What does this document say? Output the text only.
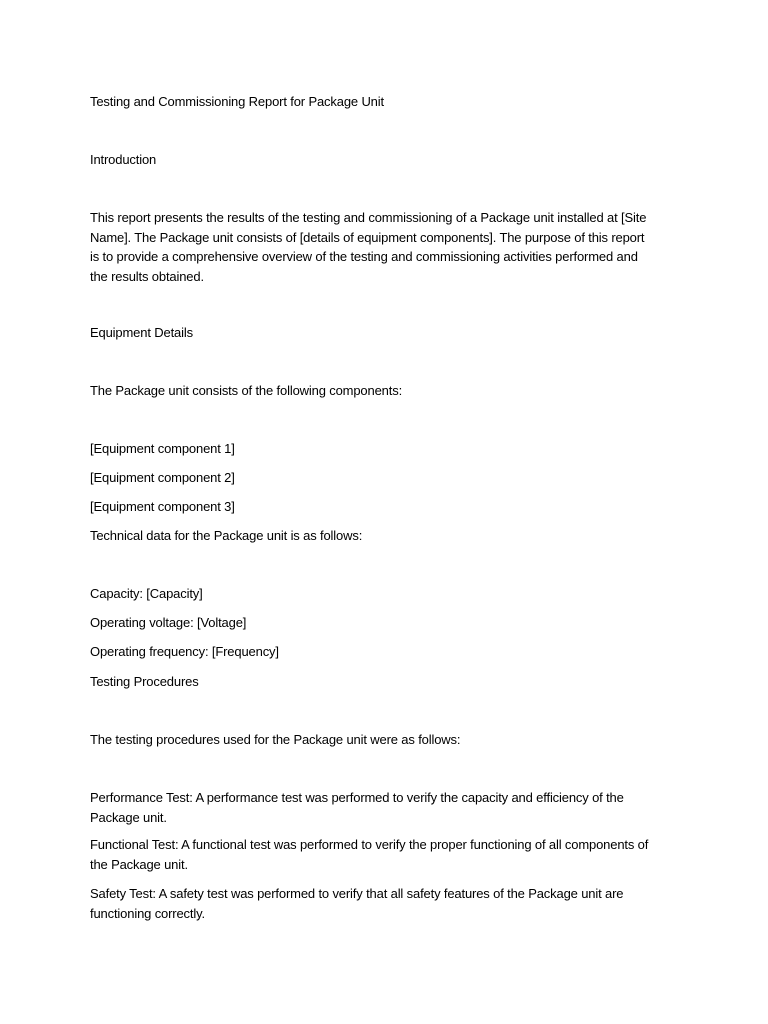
Testing and Commissioning Report for Package Unit

Introduction

This report presents the results of the testing and commissioning of a Package unit installed at [Site Name]. The Package unit consists of [details of equipment components]. The purpose of this report is to provide a comprehensive overview of the testing and commissioning activities performed and the results obtained.

Equipment Details

The Package unit consists of the following components:

[Equipment component 1]

[Equipment component 2]

[Equipment component 3]

Technical data for the Package unit is as follows:

Capacity: [Capacity]

Operating voltage: [Voltage]

Operating frequency: [Frequency]

Testing Procedures

The testing procedures used for the Package unit were as follows:

Performance Test: A performance test was performed to verify the capacity and efficiency of the Package unit.

Functional Test: A functional test was performed to verify the proper functioning of all components of the Package unit.

Safety Test: A safety test was performed to verify that all safety features of the Package unit are functioning correctly.
